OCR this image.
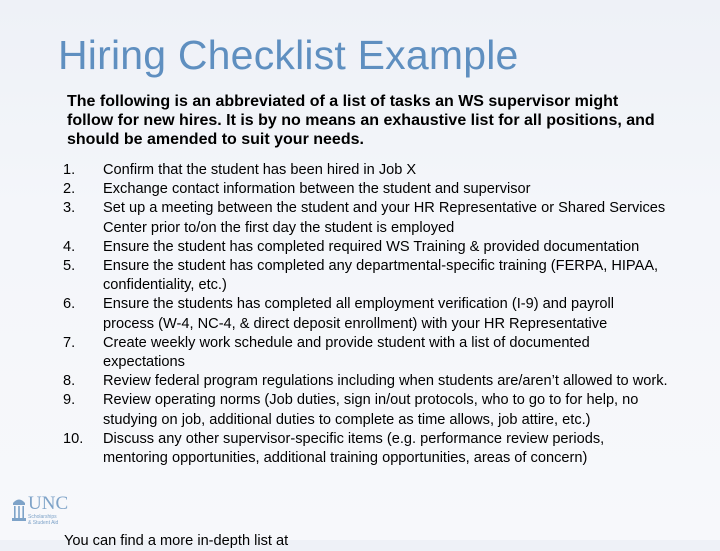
Hiring Checklist Example

The following is an abbreviated of a list of tasks an WS supervisor might follow for new hires. It is by no means an exhaustive list for all positions, and should be amended to suit your needs.

1.	Confirm that the student has been hired in Job X
2.	Exchange contact information between the student and supervisor
3.	Set up a meeting between the student and your HR Representative or Shared Services Center prior to/on the first day the student is employed
4.	Ensure the student has completed required WS Training & provided documentation
5.	Ensure the student has completed any departmental-specific training (FERPA, HIPAA, confidentiality, etc.)
6.	Ensure the students has completed all employment verification (I-9) and payroll process (W-4, NC-4, & direct deposit enrollment) with your HR Representative
7.	Create weekly work schedule and provide student with a list of documented expectations
8.	Review federal program regulations including when students are/aren’t allowed to work.
9.	Review operating norms (Job duties, sign in/out protocols, who to go to for help, no studying on job, additional duties to complete as time allows, job attire, etc.)
10.	Discuss any other supervisor-specific items (e.g. performance review periods, mentoring opportunities, additional training opportunities, areas of concern)

You can find a more in-depth list at

UNC
Scholarships
& Student Aid
